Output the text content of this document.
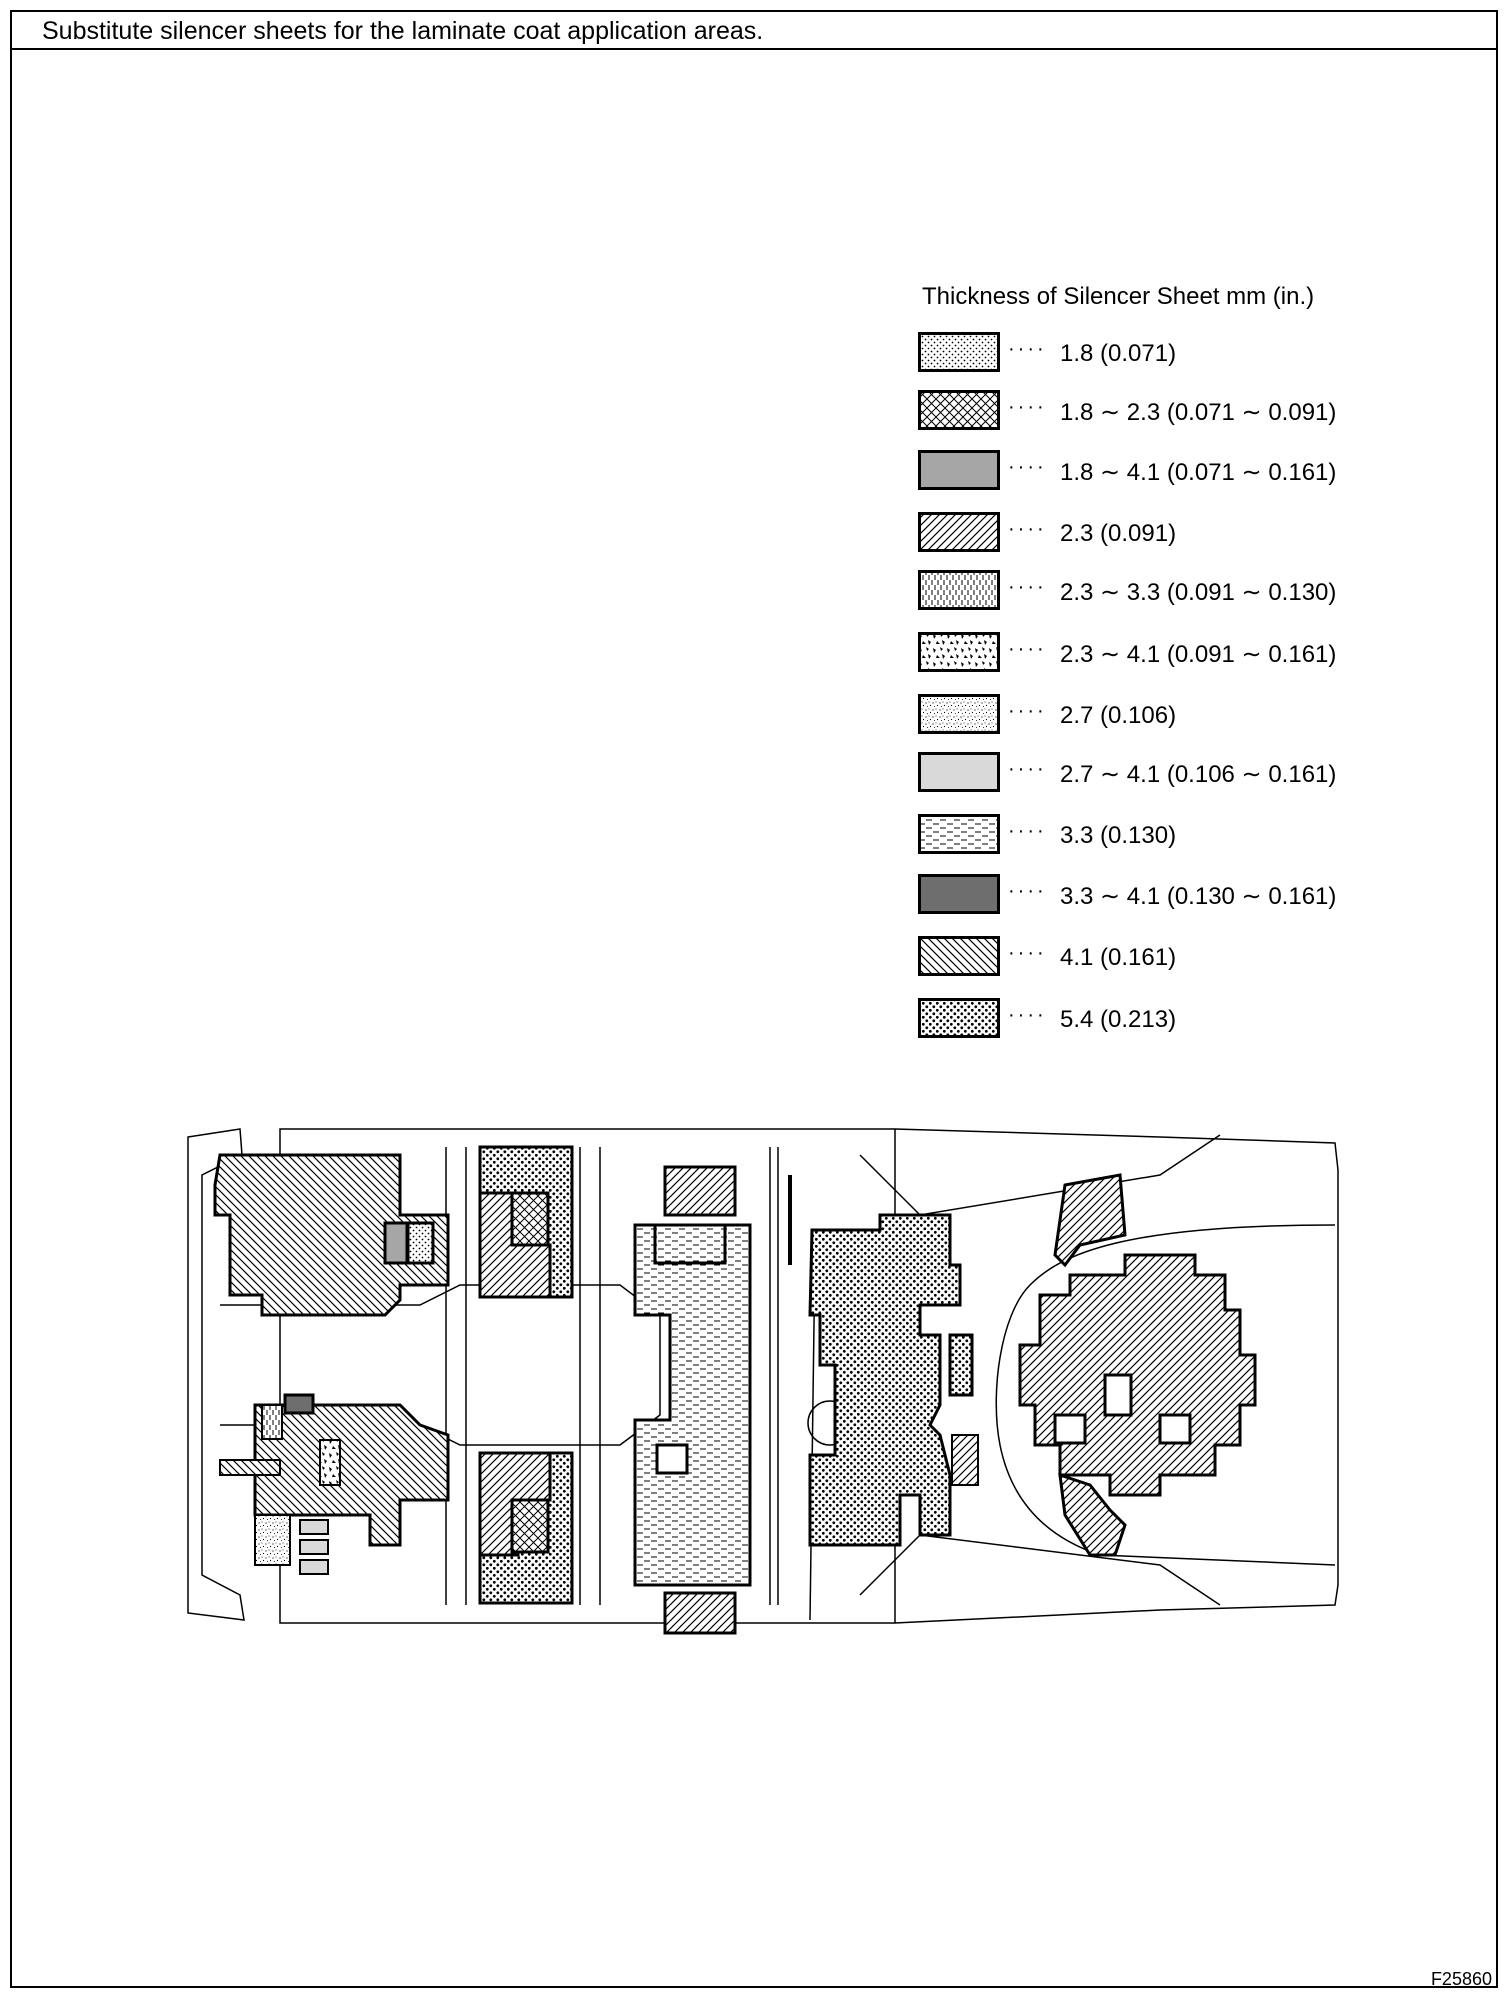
Substitute silencer sheets for the laminate coat application areas.
Thickness of Silencer Sheet mm (in.)
···· 1.8 (0.071)
···· 1.8 ∼ 2.3 (0.071 ∼ 0.091)
···· 1.8 ∼ 4.1 (0.071 ∼ 0.161)
···· 2.3 (0.091)
···· 2.3 ∼ 3.3 (0.091 ∼ 0.130)
···· 2.3 ∼ 4.1 (0.091 ∼ 0.161)
···· 2.7 (0.106)
···· 2.7 ∼ 4.1 (0.106 ∼ 0.161)
···· 3.3 (0.130)
···· 3.3 ∼ 4.1 (0.130 ∼ 0.161)
···· 4.1 (0.161)
···· 5.4 (0.213)
F25860
